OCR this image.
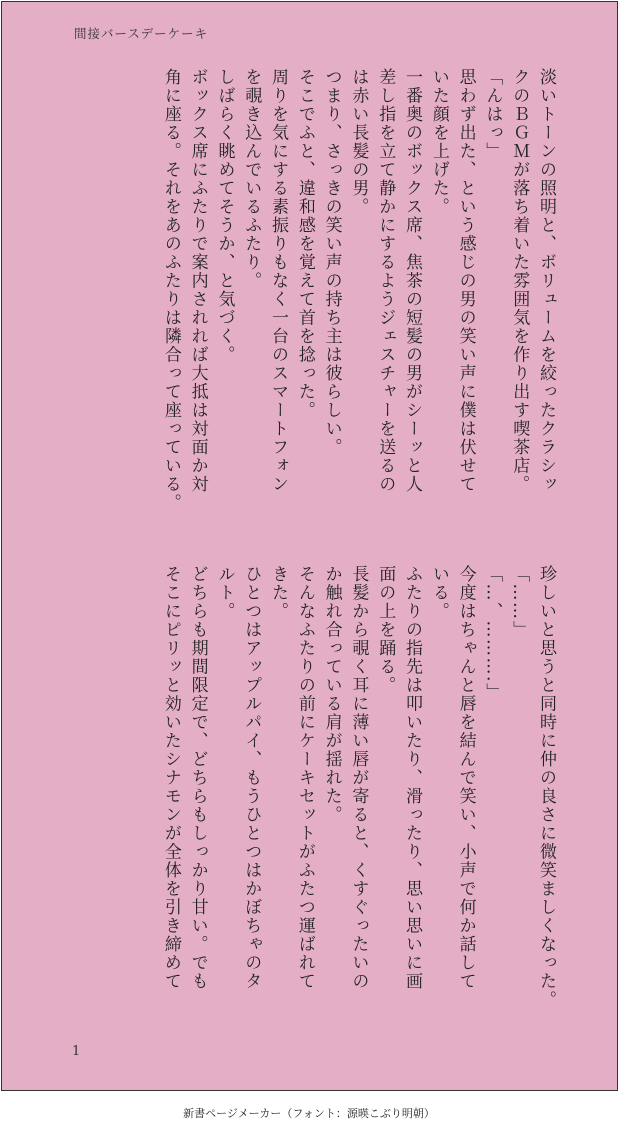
間接バースデーケーキ
淡いトーンの照明と、ボリュームを絞ったクラシッ
クのＢＧＭが落ち着いた雰囲気を作り出す喫茶店。
「んはっ」
思わず出た、という感じの男の笑い声に僕は伏せて
いた顔を上げた。
一番奥のボックス席、焦茶の短髪の男がシーッと人
差し指を立て静かにするようジェスチャーを送るの
は赤い長髪の男。
つまり、さっきの笑い声の持ち主は彼らしい。
そこでふと、違和感を覚えて首を捻った。
周りを気にする素振りもなく一台のスマートフォン
を覗き込んでいるふたり。
しばらく眺めてそうか、と気づく。
ボックス席にふたりで案内されれば大抵は対面か対
角に座る。それをあのふたりは隣合って座っている。
珍しいと思うと同時に仲の良さに微笑ましくなった。
「……」
「…、……….」
今度はちゃんと唇を結んで笑い、小声で何か話して
いる。
ふたりの指先は叩いたり、滑ったり、思い思いに画
面の上を踊る。
長髪から覗く耳に薄い唇が寄ると、くすぐったいの
か触れ合っている肩が揺れた。
そんなふたりの前にケーキセットがふたつ運ばれて
きた。
ひとつはアップルパイ、もうひとつはかぼちゃのタ
ルト。
どちらも期間限定で、どちらもしっかり甘い。でも
そこにピリッと効いたシナモンが全体を引き締めて
1
新書ページメーカー（フォント：源暎こぶり明朝）
